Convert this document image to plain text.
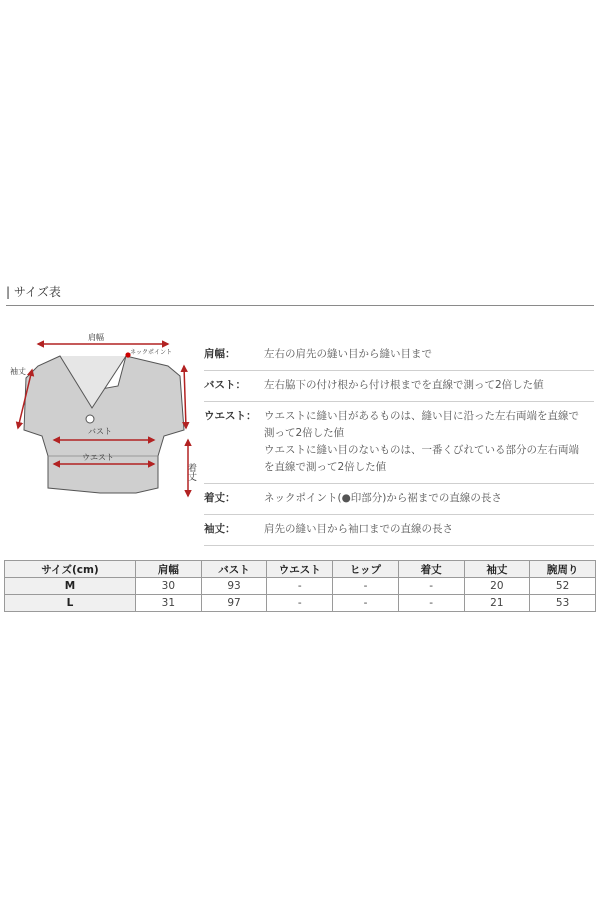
| サイズ表
肩幅
ネックポイント
袖丈
バスト
ウエスト
着丈
肩幅：	左右の肩先の縫い目から縫い目まで
バスト：	左右脇下の付け根から付け根までを直線で測って2倍した値
ウエスト： ウエストに縫い目があるものは、縫い目に沿った左右両端を直線で
測って2倍した値
ウエストに縫い目のないものは、一番くびれている部分の左右両端
を直線で測って2倍した値
着丈：	ネックポイント(●印部分)から裾までの直線の長さ
袖丈：	肩先の縫い目から袖口までの直線の長さ
サイズ(cm)	肩幅	バスト	ウエスト	ヒップ	着丈	袖丈	腕周り
M	30	93	-	-	-	20	52
L	31	97	-	-	-	21	53
